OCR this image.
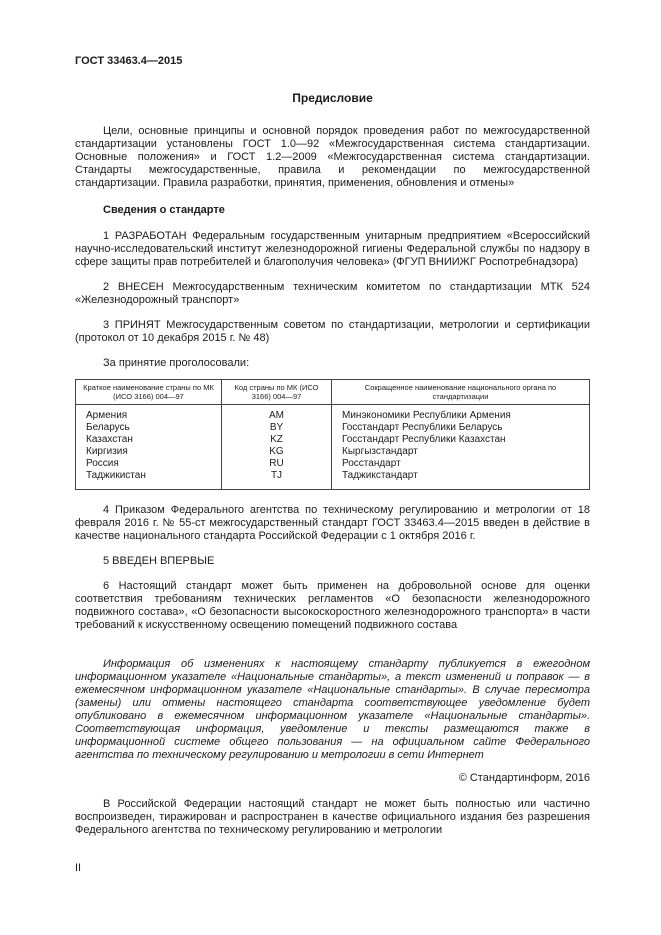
ГОСТ 33463.4—2015
Предисловие

Цели, основные принципы и основной порядок проведения работ по межгосударственной стандартизации установлены ГОСТ 1.0—92 «Межгосударственная система стандартизации. Основные положения» и ГОСТ 1.2—2009 «Межгосударственная система стандартизации. Стандарты межгосударственные, правила и рекомендации по межгосударственной стандартизации. Правила разработки, принятия, применения, обновления и отмены»

Сведения о стандарте

1 РАЗРАБОТАН Федеральным государственным унитарным предприятием «Всероссийский научно-исследовательский институт железнодорожной гигиены Федеральной службы по надзору в сфере защиты прав потребителей и благополучия человека» (ФГУП ВНИИЖГ Роспотребнадзора)

2 ВНЕСЕН Межгосударственным техническим комитетом по стандартизации МТК 524 «Железнодорожный транспорт»

3 ПРИНЯТ Межгосударственным советом по стандартизации, метрологии и сертификации (протокол от 10 декабря 2015 г. № 48)

За принятие проголосовали:
Краткое наименование страны по МК (ИСО 3166) 004—97	Код страны по МК (ИСО 3166) 004—97	Сокращенное наименование национального органа по стандартизации
Армения	AM	Минэкономики Республики Армения
Беларусь	BY	Госстандарт Республики Беларусь
Казахстан	KZ	Госстандарт Республики Казахстан
Киргизия	KG	Кыргызстандарт
Россия	RU	Росстандарт
Таджикистан	TJ	Таджикстандарт

4 Приказом Федерального агентства по техническому регулированию и метрологии от 18 февраля 2016 г. № 55-ст межгосударственный стандарт ГОСТ 33463.4—2015 введен в действие в качестве национального стандарта Российской Федерации с 1 октября 2016 г.

5 ВВЕДЕН ВПЕРВЫЕ

6 Настоящий стандарт может быть применен на добровольной основе для оценки соответствия требованиям технических регламентов «О безопасности железнодорожного подвижного состава», «О безопасности высокоскоростного железнодорожного транспорта» в части требований к искусственному освещению помещений подвижного состава

Информация об изменениях к настоящему стандарту публикуется в ежегодном информационном указателе «Национальные стандарты», а текст изменений и поправок — в ежемесячном информационном указателе «Национальные стандарты». В случае пересмотра (замены) или отмены настоящего стандарта соответствующее уведомление будет опубликовано в ежемесячном информационном указателе «Национальные стандарты». Соответствующая информация, уведомление и тексты размещаются также в информационной системе общего пользования — на официальном сайте Федерального агентства по техническому регулированию и метрологии в сети Интернет

© Стандартинформ, 2016

В Российской Федерации настоящий стандарт не может быть полностью или частично воспроизведен, тиражирован и распространен в качестве официального издания без разрешения Федерального агентства по техническому регулированию и метрологии

II
